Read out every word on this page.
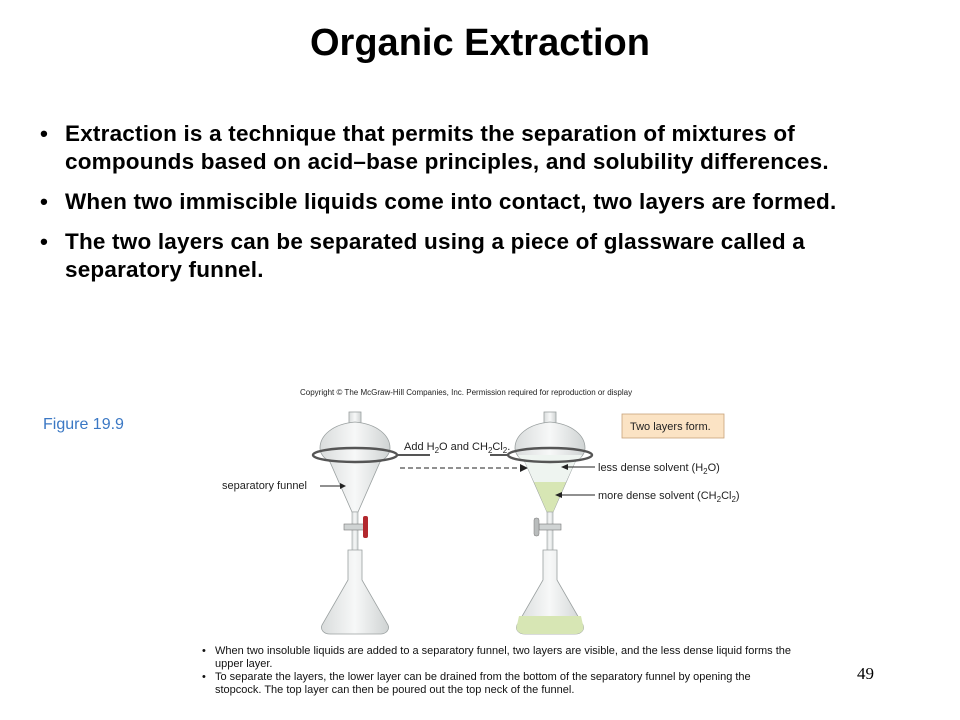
Organic Extraction
• Extraction is a technique that permits the separation of mixtures of compounds based on acid–base principles, and solubility differences.
• When two immiscible liquids come into contact, two layers are formed.
• The two layers can be separated using a piece of glassware called a separatory funnel.
Copyright © The McGraw-Hill Companies, Inc. Permission required for reproduction or display
Figure 19.9
separatory funnel
Add $H_2O$ and $CH_2Cl_2$.
Two layers form.
less dense solvent $(H_2O)$
more dense solvent $(CH_2Cl_2)$
• When two insoluble liquids are added to a separatory funnel, two layers are visible, and the less dense liquid forms the upper layer.
• To separate the layers, the lower layer can be drained from the bottom of the separatory funnel by opening the stopcock. The top layer can then be poured out the top neck of the funnel.
49
